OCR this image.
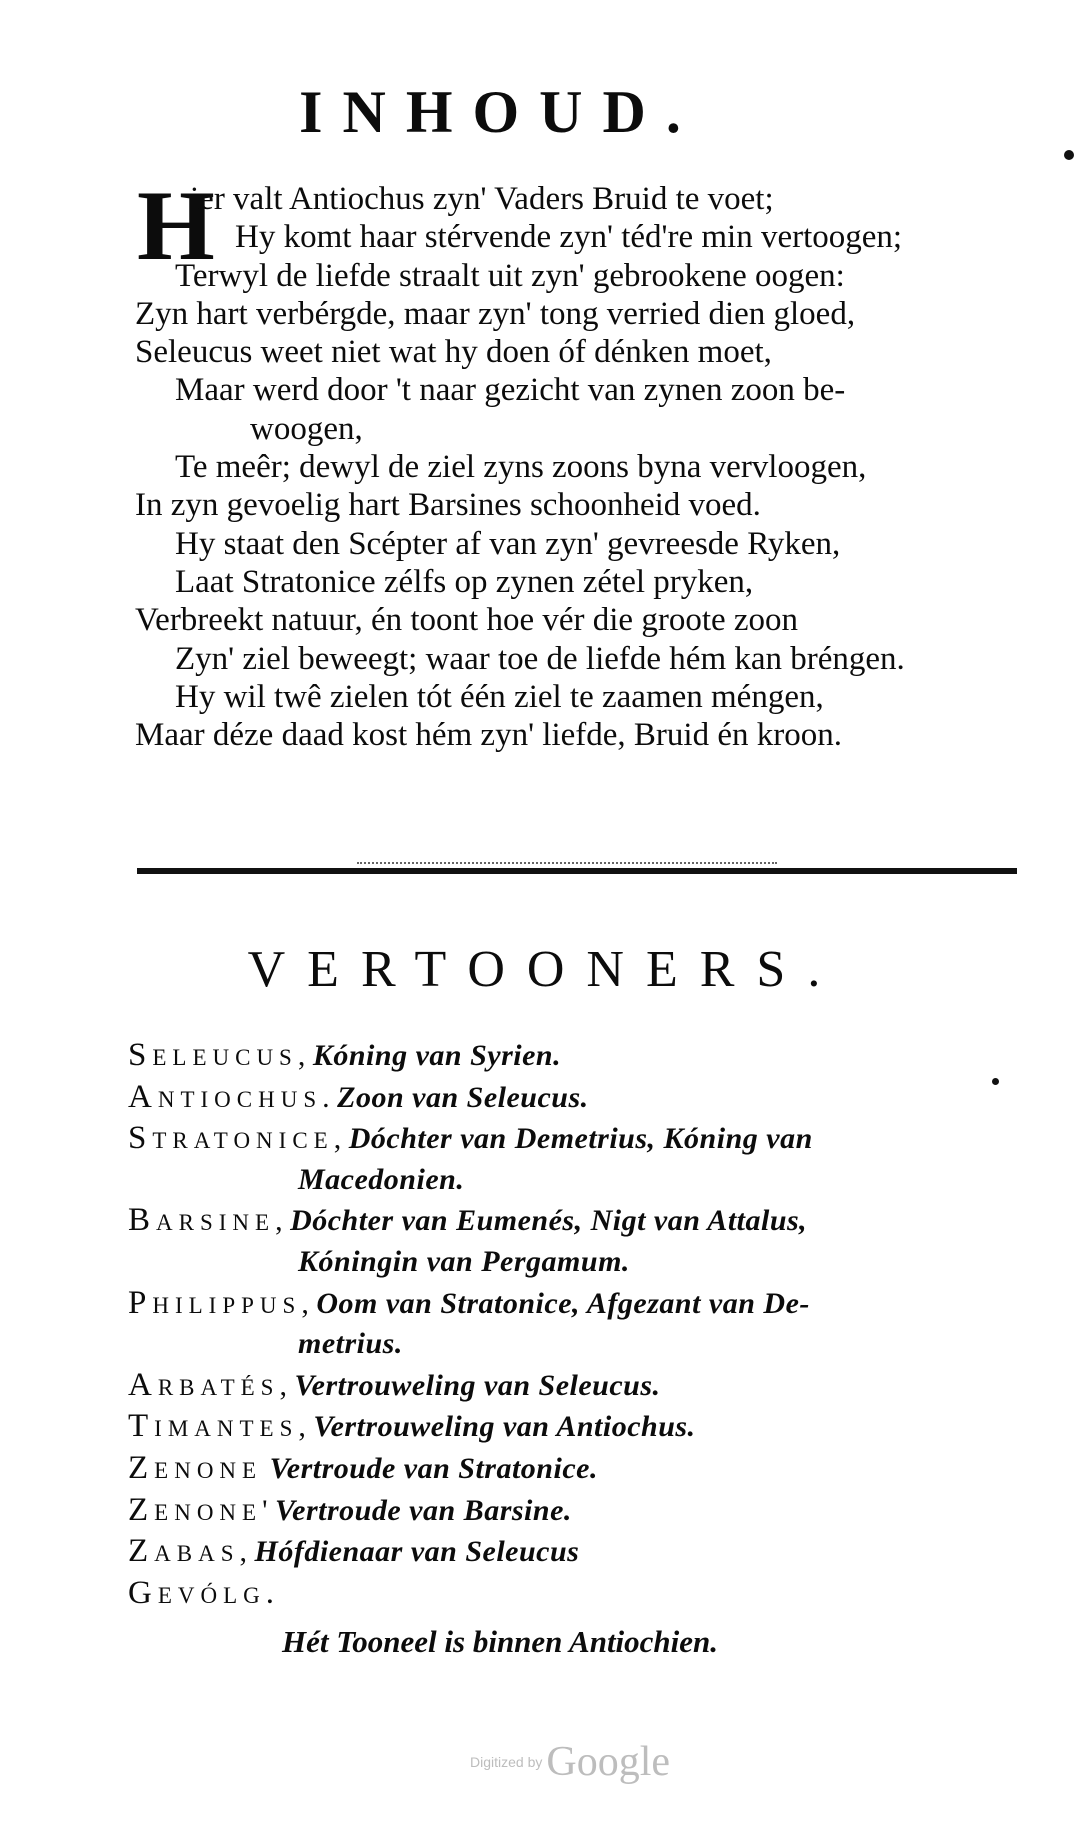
INHOUD.
H
ier valt Antiochus zyn' Vaders Bruid te voet;
Hy komt haar stérvende zyn' téd're min vertoogen;
Terwyl de liefde straalt uit zyn' gebrookene oogen:
Zyn hart verbérgde, maar zyn' tong verried dien gloed,
Seleucus weet niet wat hy doen óf dénken moet,
Maar werd door 't naar gezicht van zynen zoon be-
woogen,
Te meêr; dewyl de ziel zyns zoons byna vervloogen,
In zyn gevoelig hart Barsines schoonheid voed.
Hy staat den Scépter af van zyn' gevreesde Ryken,
Laat Stratonice zélfs op zynen zétel pryken,
Verbreekt natuur, én toont hoe vér die groote zoon
Zyn' ziel beweegt; waar toe de liefde hém kan bréngen.
Hy wil twê zielen tót één ziel te zaamen méngen,
Maar déze daad kost hém zyn' liefde, Bruid én kroon.
VERTOONERS.
Seleucus, Kóning van Syrien.
Antiochus. Zoon van Seleucus.
Stratonice, Dóchter van Demetrius, Kóning van
Macedonien.
Barsine, Dóchter van Eumenés, Nigt van Attalus,
Kóningin van Pergamum.
Philippus, Oom van Stratonice, Afgezant van De-
metrius.
Arbatés, Vertrouweling van Seleucus.
Timantes, Vertrouweling van Antiochus.
Zenone Vertroude van Stratonice.
Zenone' Vertroude van Barsine.
Zabas, Hófdienaar van Seleucus
Gevólg.
Hét Tooneel is binnen Antiochien.
Digitized by Google
